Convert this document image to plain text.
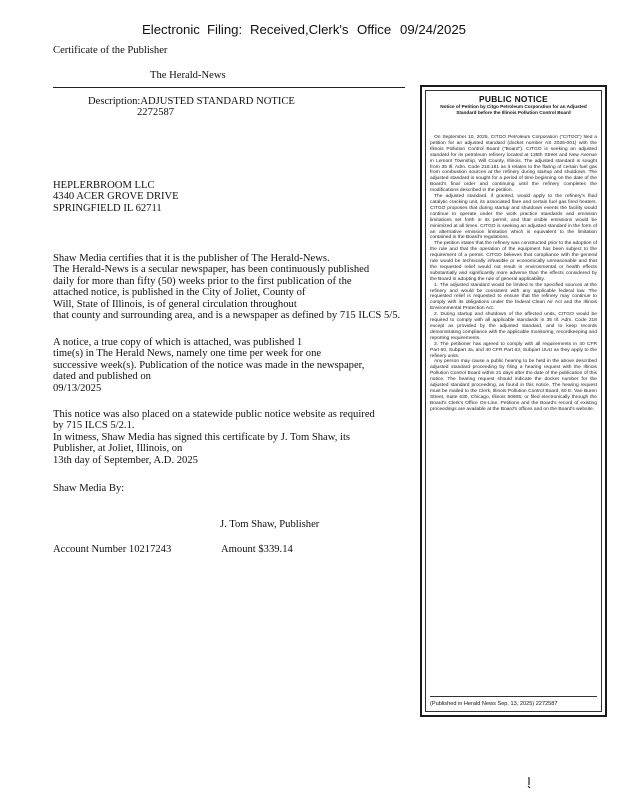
Electronic Filing: Received,Clerk's Office 09/24/2025
Certificate of the Publisher
The Herald-News
Description:ADJUSTED STANDARD NOTICE
2272587
HEPLERBROOM LLC
4340 ACER GROVE DRIVE
SPRINGFIELD IL 62711
Shaw Media certifies that it is the publisher of The Herald-News.
The Herald-News is a secular newspaper, has been continuously published
daily for more than fifty (50) weeks prior to the first publication of the
attached notice, is published in the City of Joliet, County of
Will, State of Illinois, is of general circulation throughout
that county and surrounding area, and is a newspaper as defined by 715 ILCS 5/5.
A notice, a true copy of which is attached, was published 1
time(s) in The Herald News, namely one time per week for one
successive week(s). Publication of the notice was made in the newspaper,
dated and published on
09/13/2025
This notice was also placed on a statewide public notice website as required
by 715 ILCS 5/2.1.
In witness, Shaw Media has signed this certificate by J. Tom Shaw, its
Publisher, at Joliet, Illinois, on
13th day of September, A.D. 2025
Shaw Media By:
J. Tom Shaw, Publisher
Account Number 10217243	Amount $339.14
PUBLIC NOTICE
Notice of Petition by Citgo Petroleum Corporation for an Adjusted Standard before the Illinois Pollution Control Board

On September 10, 2025, CITGO Petroleum Corporation ("CITGO") filed a petition for an adjusted standard (docket number AS 2026-001) with the Illinois Pollution Control Board ("Board"). CITGO is seeking an adjusted standard for its petroleum refinery located at 135th Street and New Avenue in Lemont Township, Will County, Illinois. The adjusted standard is sought from 35 Ill. Adm. Code 218.181 as it relates to the flaring of certain fuel gas from combustion sources at the refinery during startup and shutdown. The adjusted standard is sought for a period of time beginning on the date of the Board's final order and continuing until the refinery completes the modifications described in the petition.

The adjusted standard, if granted, would apply to the refinery's fluid catalytic cracking unit, its associated flare and certain fuel gas fired heaters. CITGO proposes that during startup and shutdown events the facility would continue to operate under the work practice standards and emission limitations set forth in its permit, and that visible emissions would be minimized at all times. CITGO is seeking an adjusted standard in the form of an alternative emission limitation which is equivalent to the limitation contained in the Board's regulations.

The petition states that the refinery was constructed prior to the adoption of the rule and that the operation of the equipment has been subject to the requirement of a permit. CITGO believes that compliance with the general rule would be technically infeasible or economically unreasonable and that the requested relief would not result in environmental or health effects substantially and significantly more adverse than the effects considered by the Board in adopting the rule of general applicability.

1. The adjusted standard would be limited to the specified sources at the refinery and would be consistent with any applicable federal law. The requested relief is requested to ensure that the refinery may continue to comply with its obligations under the federal Clean Air Act and the Illinois Environmental Protection Act.

2. During startup and shutdown of the affected units, CITGO would be required to comply with all applicable standards in 35 Ill. Adm. Code 218 except as provided by the adjusted standard, and to keep records demonstrating compliance with the applicable monitoring, recordkeeping and reporting requirements.

3. The petitioner has agreed to comply with all requirements in 40 CFR Part 60, Subpart Ja, and 40 CFR Part 63, Subpart UUU as they apply to the refinery units.

Any person may cause a public hearing to be held in the above described adjusted standard proceeding by filing a hearing request with the Illinois Pollution Control Board within 21 days after the date of the publication of this notice. The hearing request should indicate the docket number for the adjusted standard proceeding, as found in this notice. The hearing request must be mailed to the Clerk, Illinois Pollution Control Board, 60 E. Van Buren Street, Suite 630, Chicago, Illinois 60605, or filed electronically through the Board's Clerk's Office On-Line. Petitions and the Board's record of existing proceedings are available at the Board's offices and on the Board's website.

(Published in Herald News Sep. 13, 2025) 2272587
